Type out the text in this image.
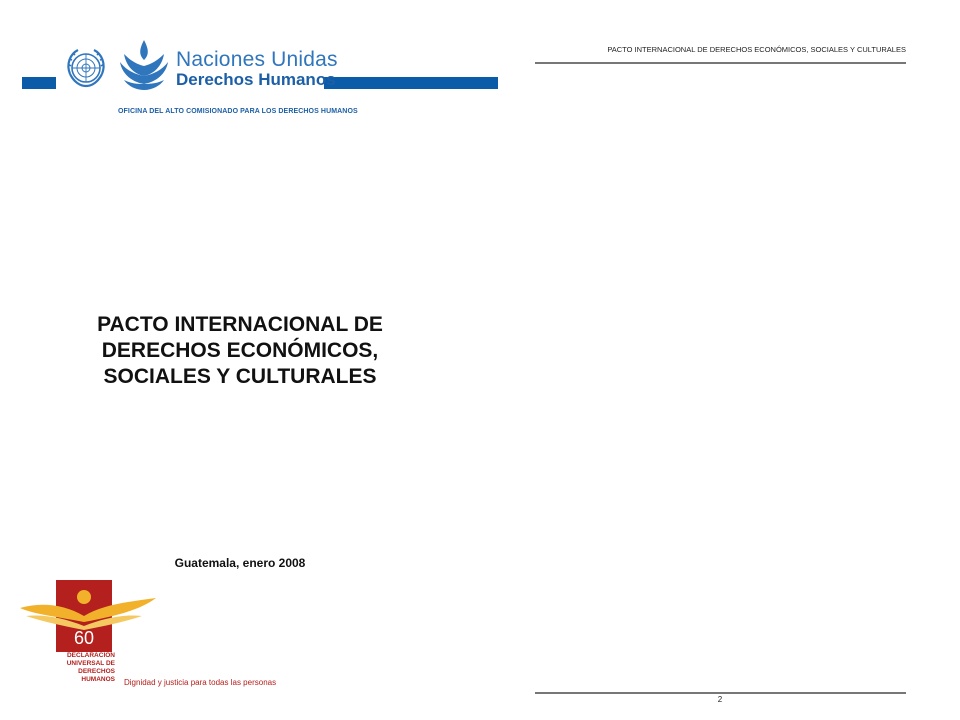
Naciones Unidas
Derechos Humanos
OFICINA DEL ALTO COMISIONADO PARA LOS DERECHOS HUMANOS
PACTO INTERNACIONAL DE
DERECHOS ECONÓMICOS,
SOCIALES Y CULTURALES
Guatemala, enero 2008
60
DECLARACIÓN
UNIVERSAL DE
DERECHOS
HUMANOS Dignidad y justicia para todas las personas
PACTO INTERNACIONAL DE DERECHOS ECONÓMICOS, SOCIALES Y CULTURALES
2
